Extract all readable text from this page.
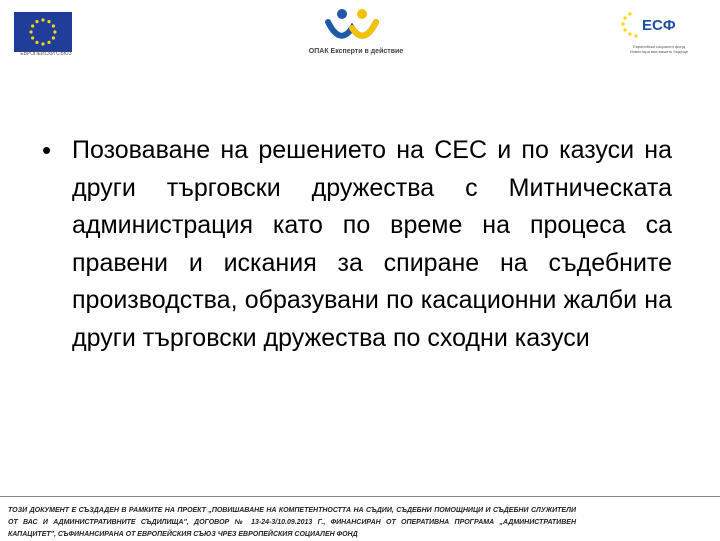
ЕВРОПЕЙСКИ СЪЮЗ	ОПАК Експерти в действие
ЕСФ
Европейски социален фонд Инвестира във вашето бъдеще
• Позоваване на решението на СЕС и по казуси на други търговски дружества с Митническата администрация като по време на процеса са правени и искания за спиране на съдебните производства, образувани по касационни жалби на други търговски дружества по сходни казуси
ТОЗИ ДОКУМЕНТ Е СЪЗДАДЕН В РАМКИТЕ НА ПРОЕКТ „ПОВИШАВАНЕ НА КОМПЕТЕНТНОСТТА НА СЪДИИ, СЪДЕБНИ ПОМОЩНИЦИ И СЪДЕБНИ СЛУЖИТЕЛИ ОТ ВАС И АДМИНИСТРАТИВНИТЕ СЪДИЛИЩА", ДОГОВОР № 13-24-3/10.09.2013 Г., ФИНАНСИРАН ОТ ОПЕРАТИВНА ПРОГРАМА „АДМИНИСТРАТИВЕН КАПАЦИТЕТ", СЪФИНАНСИРАНА ОТ ЕВРОПЕЙСКИЯ СЪЮЗ ЧРЕЗ ЕВРОПЕЙСКИЯ СОЦИАЛЕН ФОНД
